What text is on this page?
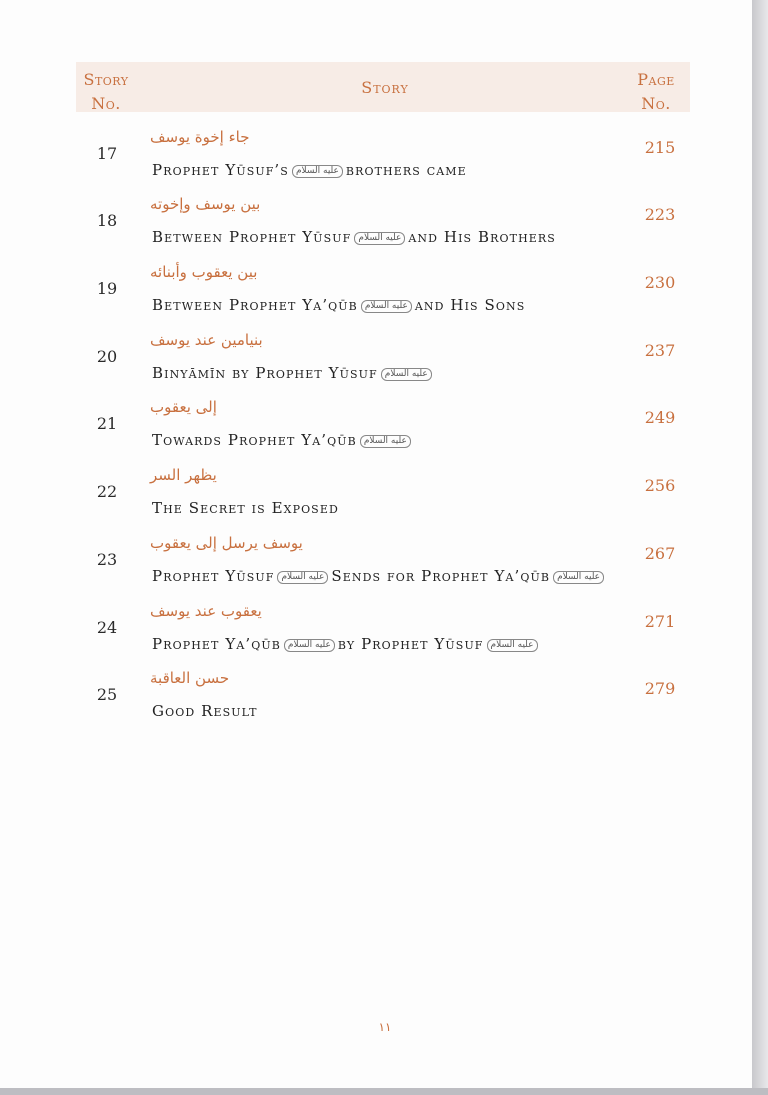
Story No.
Story	Page No.
17
جاء إخوة يوسف
Prophet Yūsuf’s عليه السلام brothers came
215
18
بين يوسف وإخوته
Between Prophet Yūsuf عليه السلام and His Brothers
223
19
بين يعقوب وأبنائه
Between Prophet Ya’qūb عليه السلام and His Sons
230
20
بنيامين عند يوسف
Binyāmīn by Prophet Yūsuf عليه السلام
237
21
إلى يعقوب
Towards Prophet Ya’qūb عليه السلام
249
22
يظهر السر
The Secret is Exposed
256
23
يوسف يرسل إلى يعقوب
Prophet Yūsuf عليه السلام Sends for Prophet Ya’qūb عليه السلام
267
24
يعقوب عند يوسف
Prophet Ya’qūb عليه السلام by Prophet Yūsuf عليه السلام
271
25
حسن العاقبة
Good Result
279
١١
